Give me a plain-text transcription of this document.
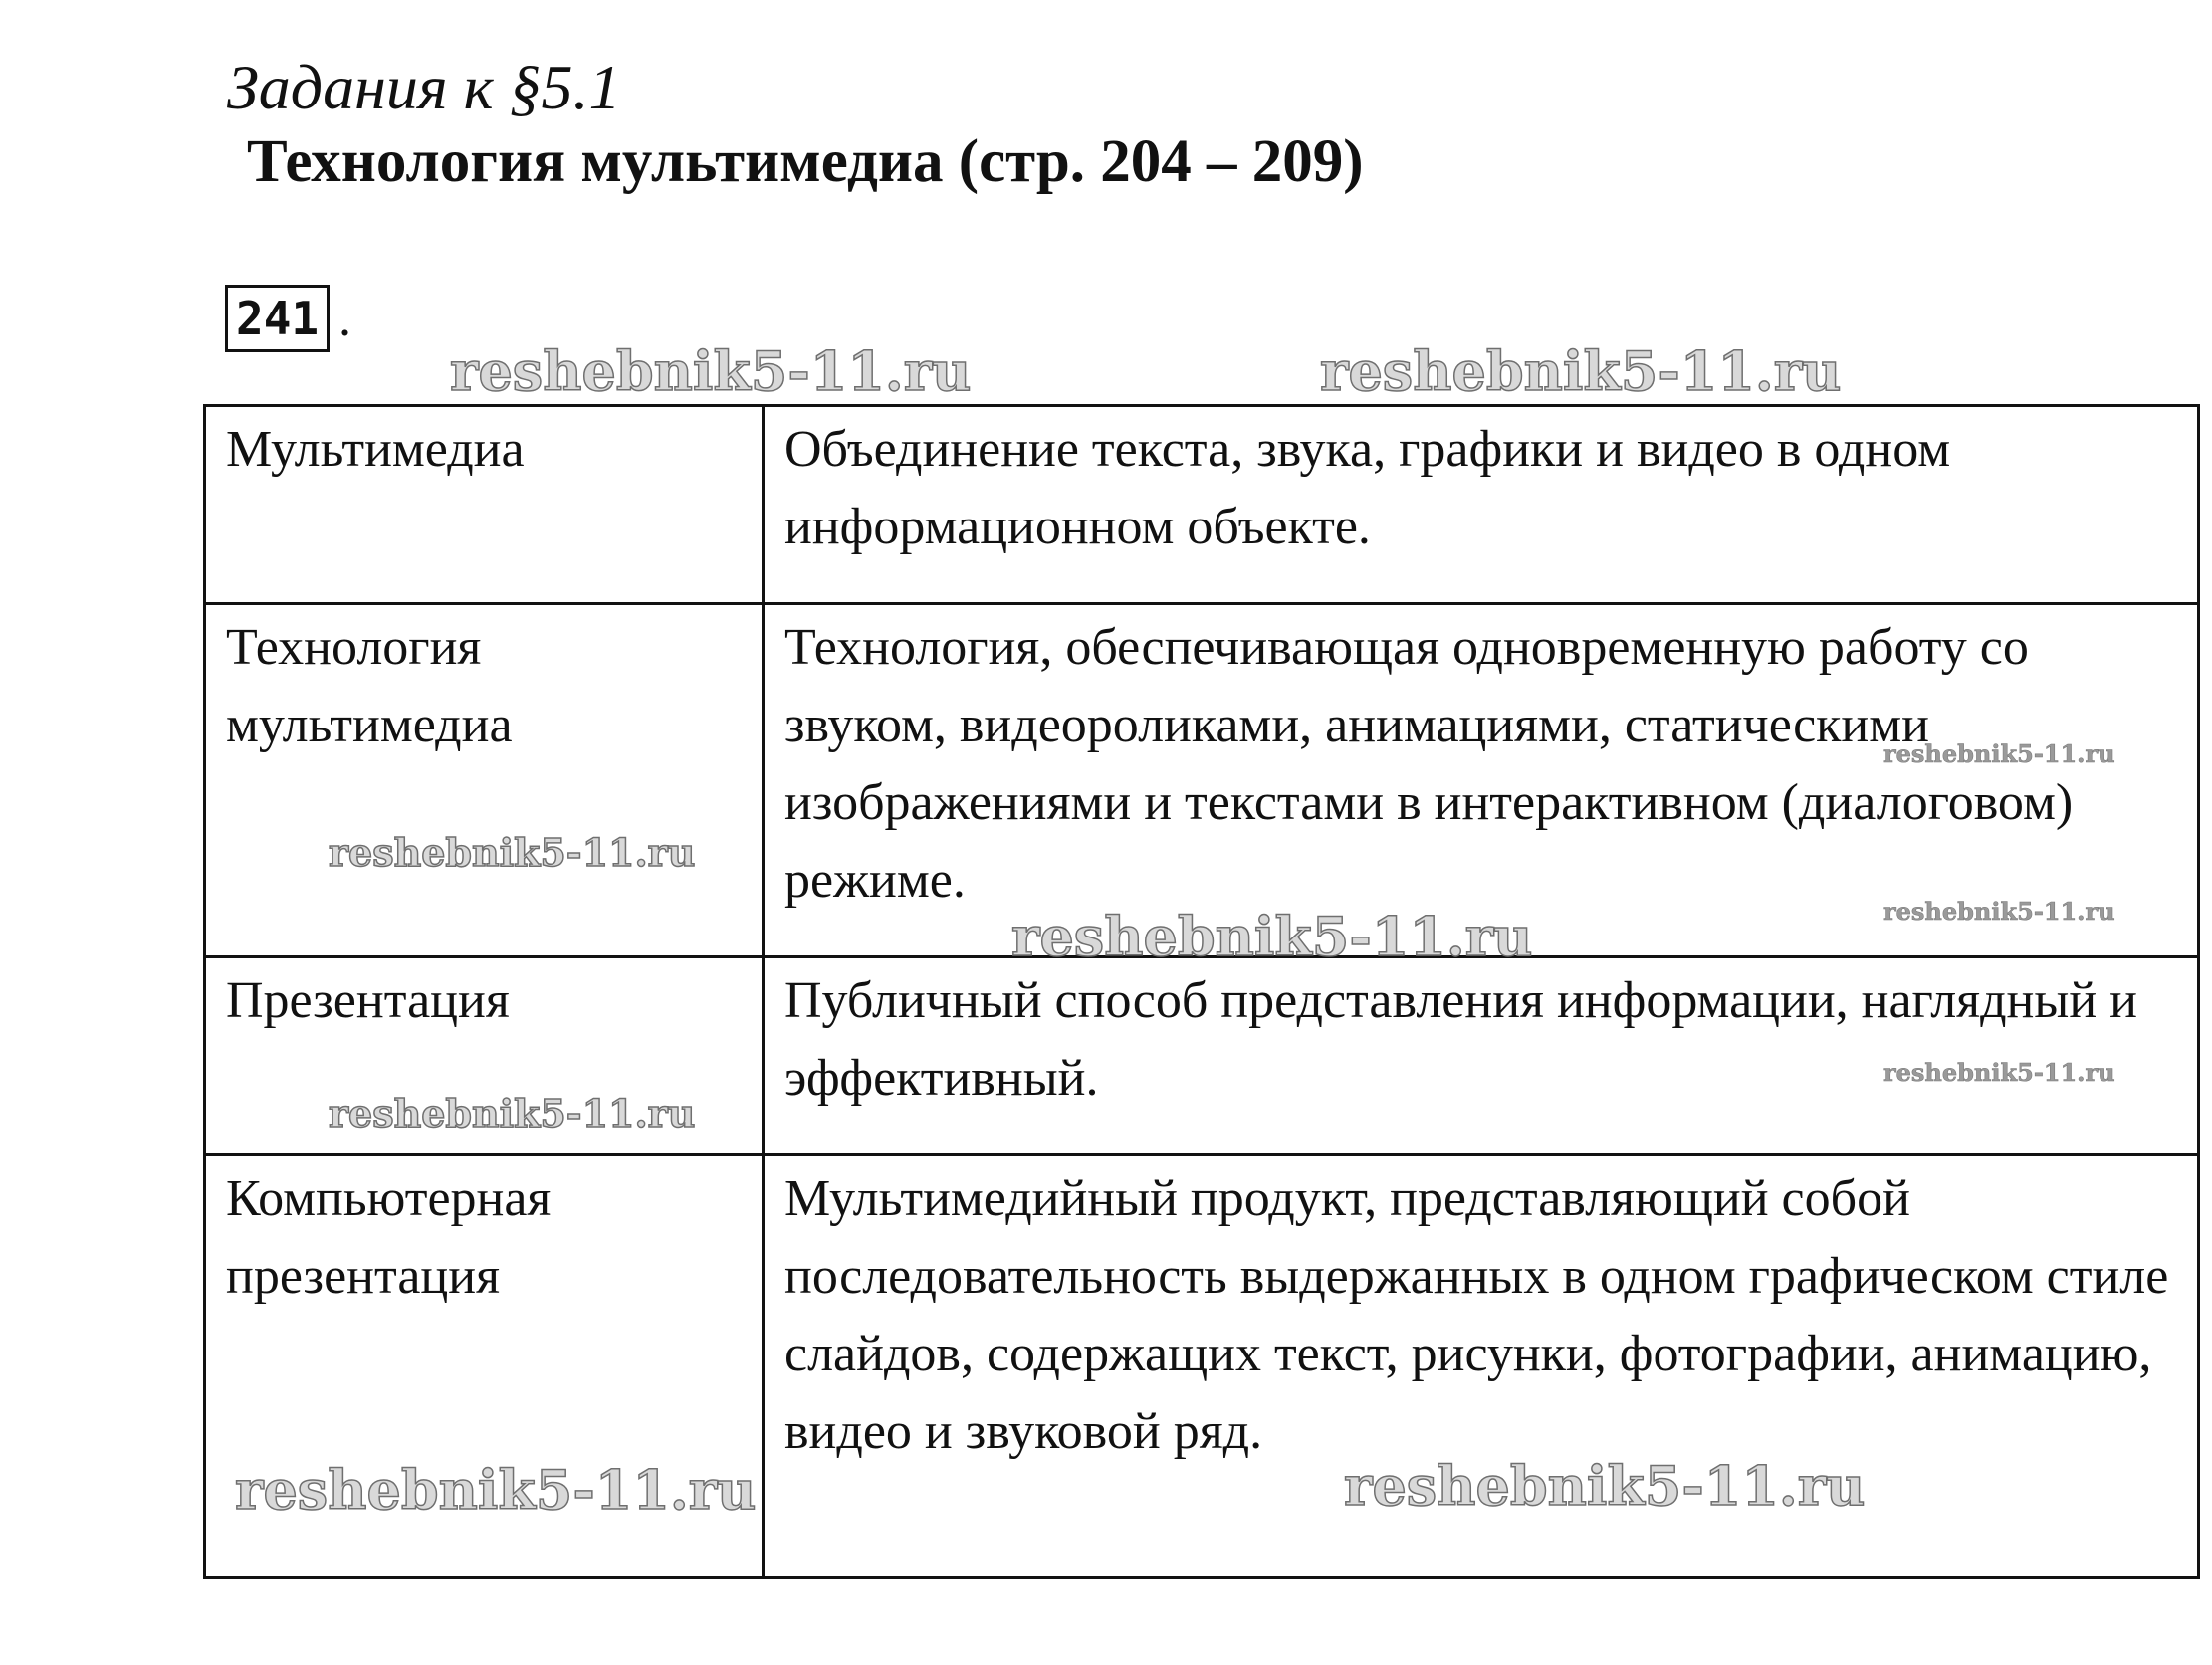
Задания к §5.1
Технология мультимедиа (стр. 204 – 209)
241 .
Мультимедиа	Объединение текста, звука, графики и видео в одном информационном объекте.
Технология мультимедиа	Технология, обеспечивающая одновременную работу со звуком, видеороликами, анимациями, статическими изображениями и текстами в интерактивном (диалоговом) режиме.
Презентация	Публичный способ представления информации, наглядный и эффективный.
Компьютерная презентация	Мультимедийный продукт, представляющий собой последовательность выдержанных в одном графическом стиле слайдов, содержащих текст, рисунки, фотографии, анимацию, видео и звуковой ряд.
reshebnik5-11.ru	reshebnik5-11.ru
reshebnik5-11.ru
reshebnik5-11.ru
reshebnik5-11.ru
reshebnik5-11.ru
reshebnik5-11.ru
reshebnik5-11.ru
reshebnik5-11.ru	reshebnik5-11.ru
